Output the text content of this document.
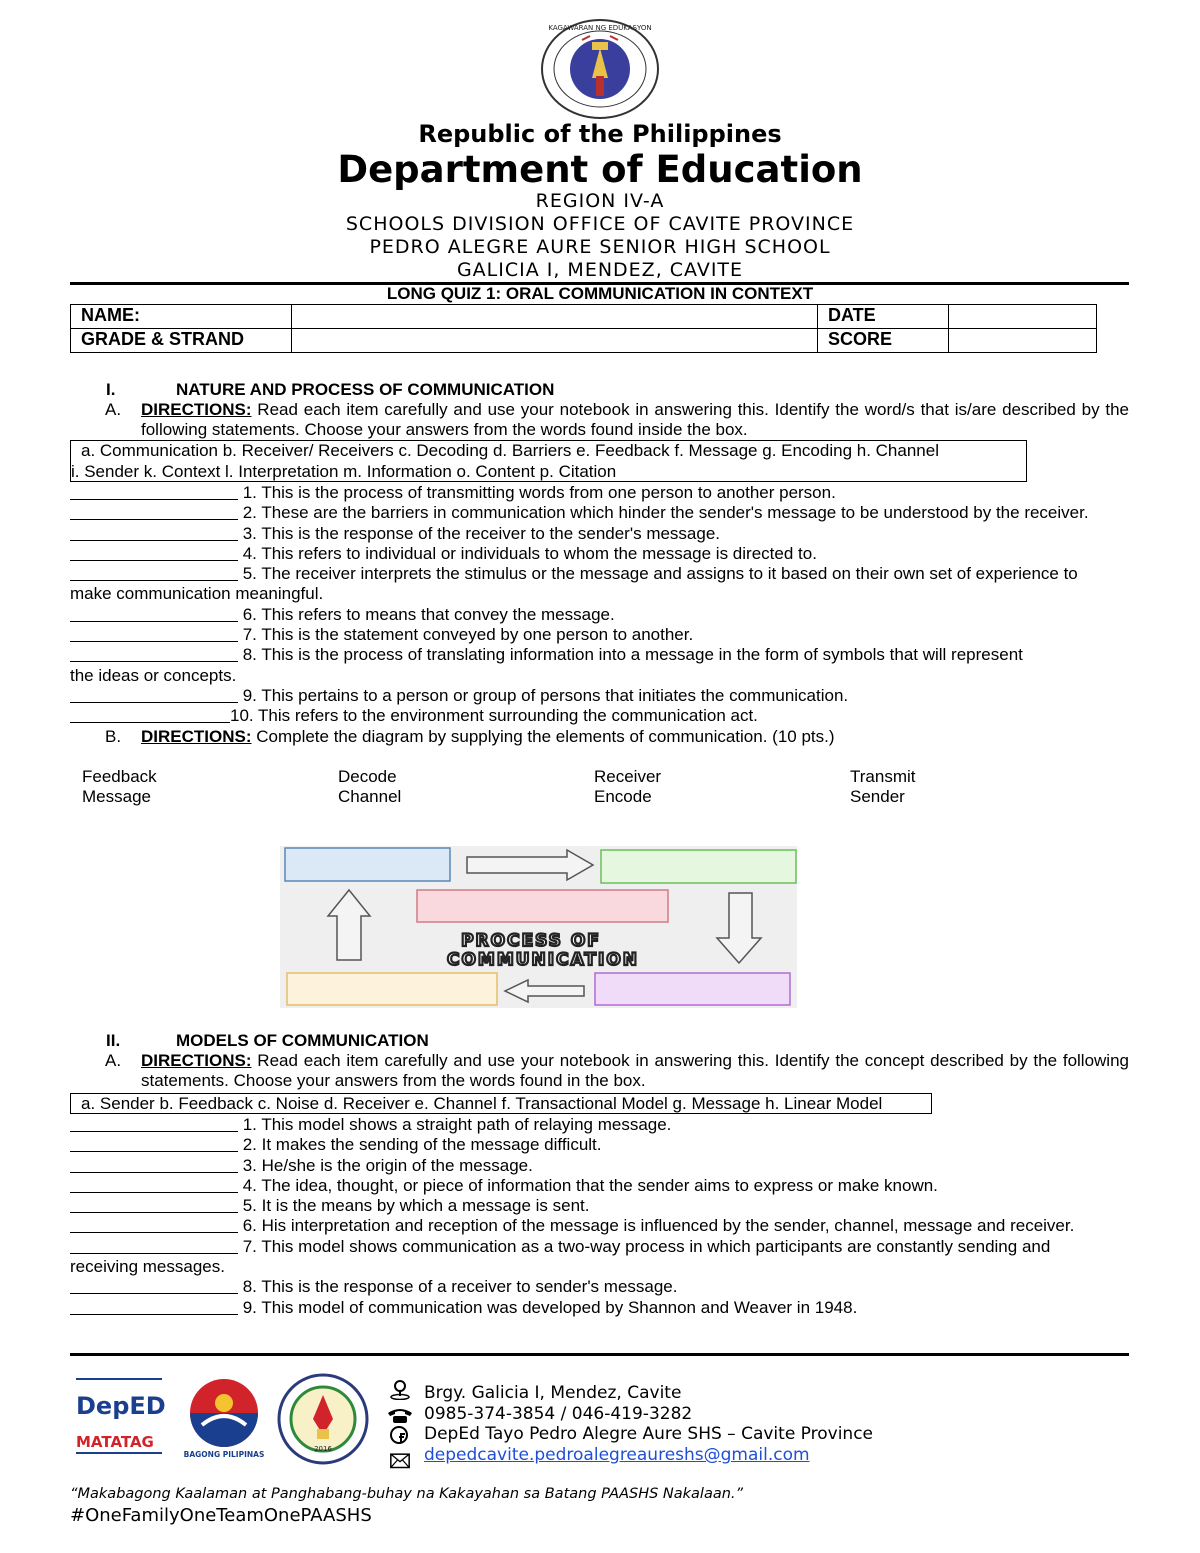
KAGAWARAN NG EDUKASYON
Republic of the Philippines
Department of Education
REGION IV-A
SCHOOLS DIVISION OFFICE OF CAVITE PROVINCE
PEDRO ALEGRE AURE SENIOR HIGH SCHOOL
GALICIA I, MENDEZ, CAVITE
LONG QUIZ 1: ORAL COMMUNICATION IN CONTEXT
NAME:		DATE	
GRADE & STRAND		SCORE	
I.	NATURE AND PROCESS OF COMMUNICATION
A. DIRECTIONS: Read each item carefully and use your notebook in answering this. Identify the word/s that is/are described by the following statements. Choose your answers from the words found inside the box.
a. Communication b. Receiver/ Receivers c. Decoding d. Barriers e. Feedback f. Message g. Encoding h. Channel
i. Sender k. Context l. Interpretation m. Information o. Content p. Citation
1. This is the process of transmitting words from one person to another person.
2. These are the barriers in communication which hinder the sender's message to be understood by the receiver.
3. This is the response of the receiver to the sender's message.
4. This refers to individual or individuals to whom the message is directed to.
5. The receiver interprets the stimulus or the message and assigns to it based on their own set of experience to
make communication meaningful.
6. This refers to means that convey the message.
7. This is the statement conveyed by one person to another.
8. This is the process of translating information into a message in the form of symbols that will represent
the ideas or concepts.
9. This pertains to a person or group of persons that initiates the communication.
10. This refers to the environment surrounding the communication act.
B. DIRECTIONS: Complete the diagram by supplying the elements of communication. (10 pts.)
Feedback
Message
Decode
Channel
Receiver
Encode
Transmit
Sender
PROCESS OF
COMMUNICATION
II.	MODELS OF COMMUNICATION
A. DIRECTIONS: Read each item carefully and use your notebook in answering this. Identify the concept described by the following statements. Choose your answers from the words found in the box.
a. Sender b. Feedback c. Noise d. Receiver e. Channel f. Transactional Model g. Message h. Linear Model
1. This model shows a straight path of relaying message.
2. It makes the sending of the message difficult.
3. He/she is the origin of the message.
4. The idea, thought, or piece of information that the sender aims to express or make known.
5. It is the means by which a message is sent.
6. His interpretation and reception of the message is influenced by the sender, channel, message and receiver.
7. This model shows communication as a two-way process in which participants are constantly sending and
receiving messages.
8. This is the response of a receiver to sender's message.
9. This model of communication was developed by Shannon and Weaver in 1948.
DepED
MATATAG
BAGONG PILIPINAS
2016
Brgy. Galicia I, Mendez, Cavite
0985-374-3854 / 046-419-3282
DepEd Tayo Pedro Alegre Aure SHS – Cavite Province
depedcavite.pedroalegreaureshs@gmail.com
“Makabagong Kaalaman at Panghabang-buhay na Kakayahan sa Batang PAASHS Nakalaan.”
#OneFamilyOneTeamOnePAASHS
